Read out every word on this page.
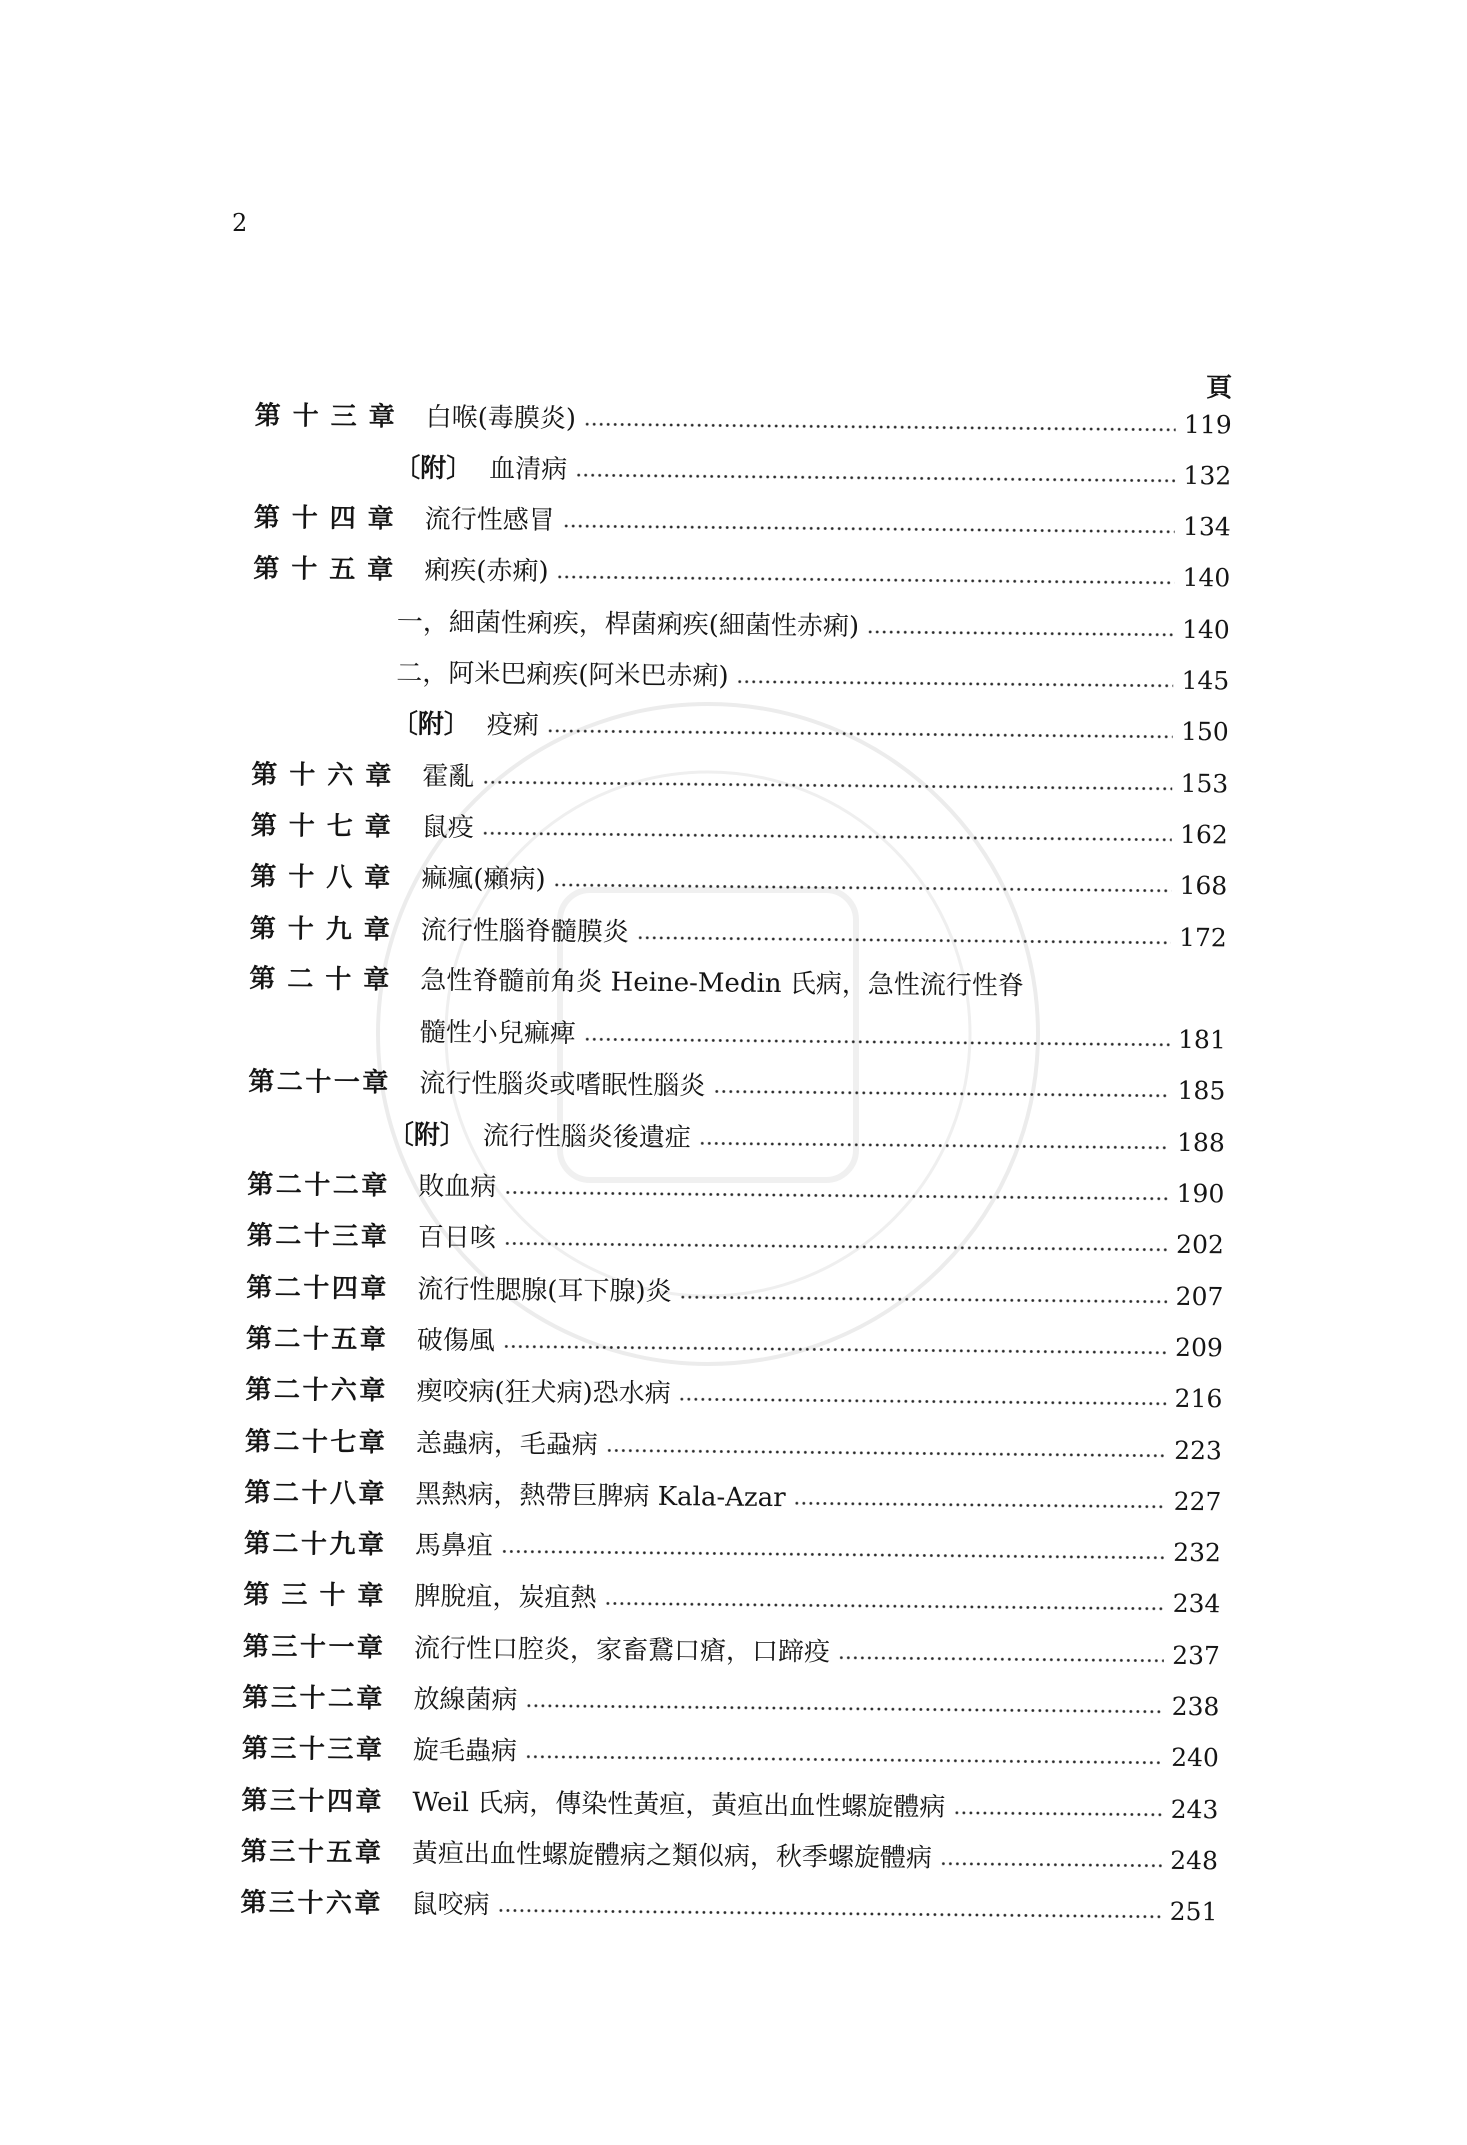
2
頁
第十三章 白喉(毒膜炎)	119
〔附〕 血清病	132
第十四章 流行性感冒	134
第十五章 痢疾(赤痢)	140
一，細菌性痢疾，桿菌痢疾(細菌性赤痢)	140
二，阿米巴痢疾(阿米巴赤痢)	145
〔附〕 疫痢	150
第十六章 霍亂	153
第十七章 鼠疫	162
第十八章 痲瘋(癩病)	168
第十九章 流行性腦脊髓膜炎	172
第二十章 急性脊髓前角炎 Heine-Medin 氏病，急性流行性脊
髓性小兒痲痺	181
第二十一章 流行性腦炎或嗜眠性腦炎	185
〔附〕 流行性腦炎後遺症	188
第二十二章 敗血病	190
第二十三章 百日咳	202
第二十四章 流行性腮腺(耳下腺)炎	207
第二十五章 破傷風	209
第二十六章 瘈咬病(狂犬病)恐水病	216
第二十七章 恙蟲病，毛蝨病	223
第二十八章 黑熱病，熱帶巨脾病 Kala-Azar	227
第二十九章 馬鼻疽	232
第三十章 脾脫疽，炭疽熱	234
第三十一章 流行性口腔炎，家畜鵞口瘡，口蹄疫	237
第三十二章 放線菌病	238
第三十三章 旋毛蟲病	240
第三十四章 Weil 氏病，傳染性黃疸，黃疸出血性螺旋體病	243
第三十五章 黃疸出血性螺旋體病之類似病，秋季螺旋體病	248
第三十六章 鼠咬病	251
